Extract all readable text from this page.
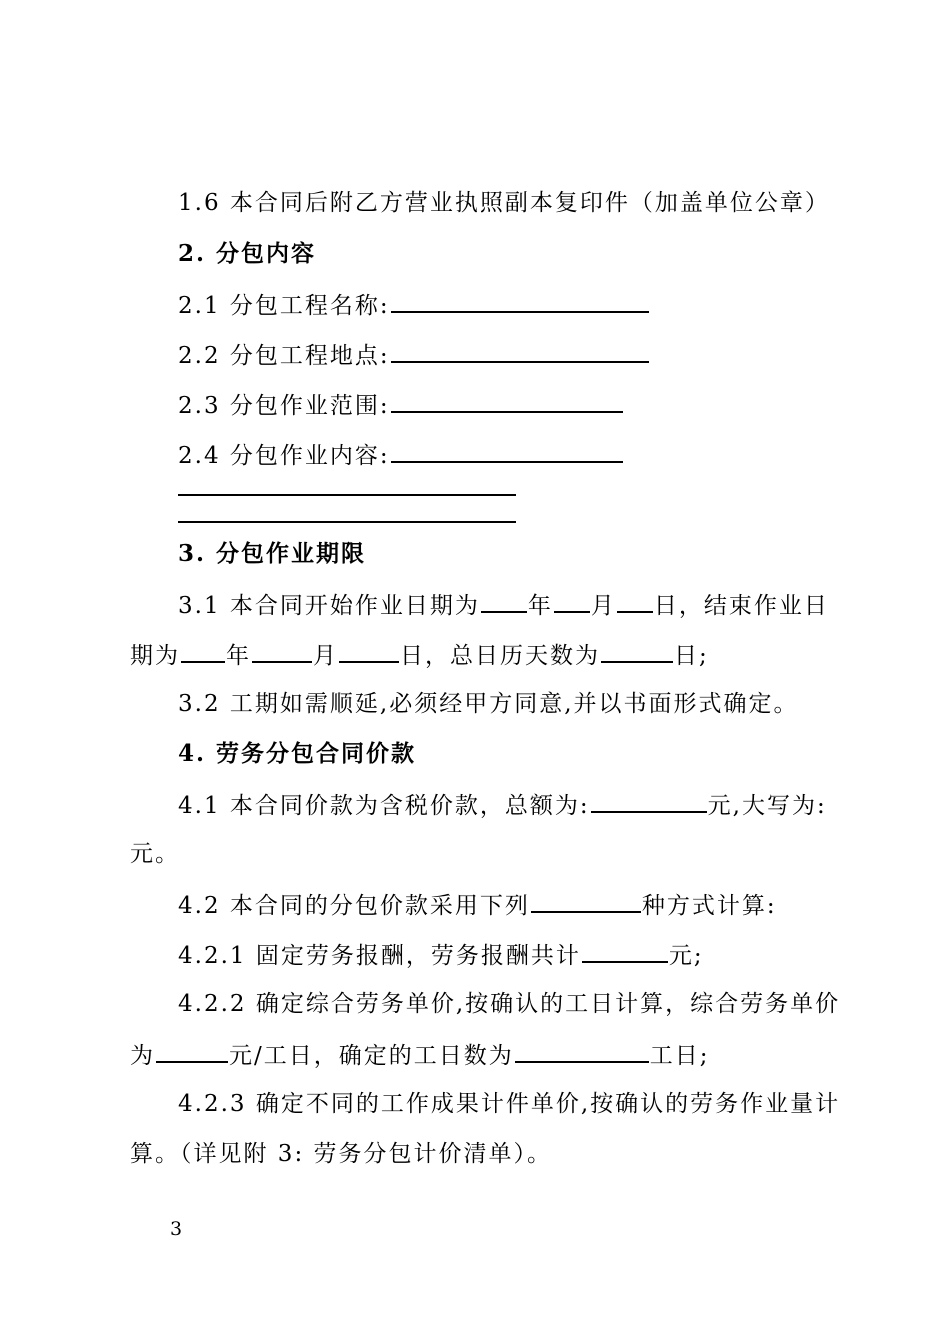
1.6 本合同后附乙方营业执照副本复印件（加盖单位公章）
2. 分包内容
2.1 分包工程名称:
2.2 分包工程地点:
2.3 分包作业范围:
2.4 分包作业内容:
3. 分包作业期限
3.1 本合同开始作业日期为 年 月 日，结束作业日
期为 年	月	日，总日历天数为	日;
3.2 工期如需顺延,必须经甲方同意,并以书面形式确定。
4. 劳务分包合同价款
4.1 本合同价款为含税价款，总额为:	元,大写为:
元。
4.2 本合同的分包价款采用下列	种方式计算:
4.2.1 固定劳务报酬，劳务报酬共计	元;
4.2.2 确定综合劳务单价,按确认的工日计算，综合劳务单价
为	元/工日，确定的工日数为	工日;
4.2.3 确定不同的工作成果计件单价,按确认的劳务作业量计
算。（详见附 3: 劳务分包计价清单）。
3
